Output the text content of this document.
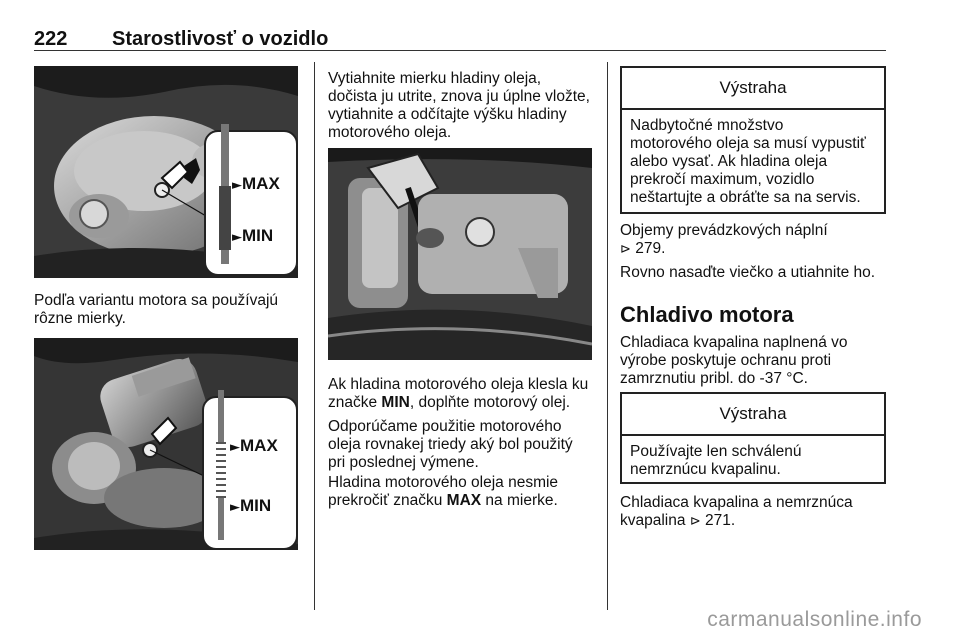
222 Starostlivosť o vozidlo
►MAX
►MIN
Podľa variantu motora sa používajú
rôzne mierky.
►MAX
►MIN
Vytiahnite mierku hladiny oleja,
dočista ju utrite, znova ju úplne vložte,
vytiahnite a odčítajte výšku hladiny
motorového oleja.
Ak hladina motorového oleja klesla ku
značke MIN, doplňte motorový olej.
Odporúčame použitie motorového
oleja rovnakej triedy aký bol použitý
pri poslednej výmene.
Hladina motorového oleja nesmie
prekročiť značku MAX na mierke.
Výstraha
Nadbytočné množstvo
motorového oleja sa musí vypustiť
alebo vysať. Ak hladina oleja
prekročí maximum, vozidlo
neštartujte a obráťte sa na servis.
Objemy prevádzkových náplní
⊳ 279.
Rovno nasaďte viečko a utiahnite ho.
Chladivo motora
Chladiaca kvapalina naplnená vo
výrobe poskytuje ochranu proti
zamrznutiu pribl. do -37 °C.
Výstraha
Používajte len schválenú
nemrznúcu kvapalinu.
Chladiaca kvapalina a nemrznúca
kvapalina ⊳ 271.
carmanualsonline.info
